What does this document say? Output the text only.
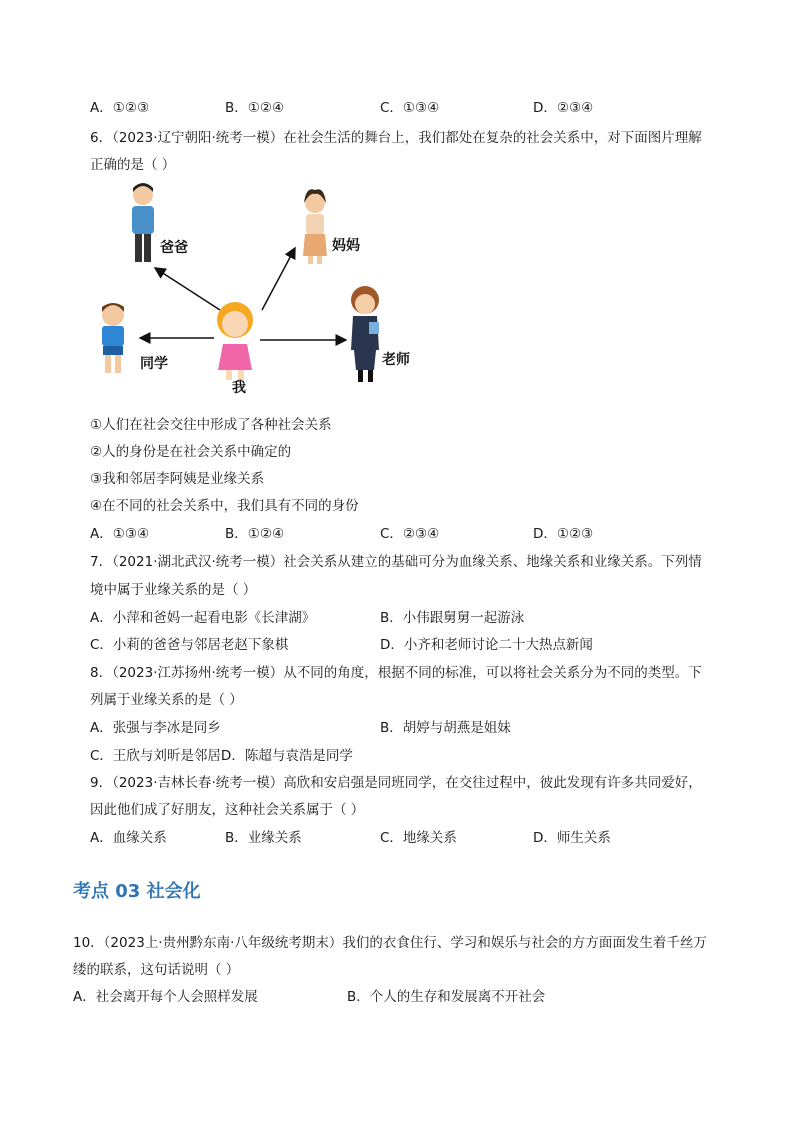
A．①②③	B．①②④	C．①③④	D．②③④
6．（2023·辽宁朝阳·统考一模）在社会生活的舞台上，我们都处在复杂的社会关系中，对下面图片理解
正确的是（ ）
爸爸	妈妈
同学
我
老师
①人们在社会交往中形成了各种社会关系
②人的身份是在社会关系中确定的
③我和邻居李阿姨是业缘关系
④在不同的社会关系中，我们具有不同的身份
A．①③④	B．①②④	C．②③④	D．①②③
7．（2021·湖北武汉·统考一模）社会关系从建立的基础可分为血缘关系、地缘关系和业缘关系。下列情
境中属于业缘关系的是（ ）
A．小萍和爸妈一起看电影《长津湖》	B．小伟跟舅舅一起游泳
C．小莉的爸爸与邻居老赵下象棋	D．小齐和老师讨论二十大热点新闻
8．（2023·江苏扬州·统考一模）从不同的角度，根据不同的标准，可以将社会关系分为不同的类型。下
列属于业缘关系的是（ ）
A．张强与李冰是同乡	B．胡婷与胡燕是姐妹
C．王欣与刘昕是邻居D．陈超与袁浩是同学
9．（2023·吉林长春·统考一模）高欣和安启强是同班同学，在交往过程中，彼此发现有许多共同爱好，
因此他们成了好朋友，这种社会关系属于（ ）
A．血缘关系	B．业缘关系	C．地缘关系	D．师生关系
考点 03 社会化
10．（2023上·贵州黔东南·八年级统考期末）我们的衣食住行、学习和娱乐与社会的方方面面发生着千丝万
缕的联系，这句话说明（ ）
A．社会离开每个人会照样发展	B．个人的生存和发展离不开社会
